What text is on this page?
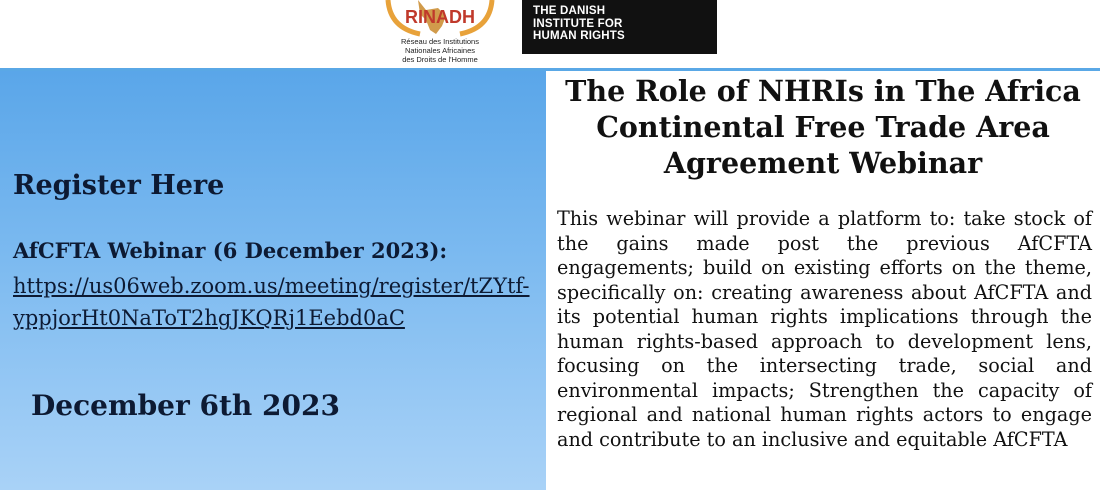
RINADH
Réseau des Institutions
Nationales Africaines
des Droits de l'Homme
THE DANISH
INSTITUTE FOR
HUMAN RIGHTS
Register Here
AfCFTA Webinar (6 December 2023):
https://us06web.zoom.us/meeting/register/tZYtf-yppjorHt0NaToT2hgJKQRj1Eebd0aC
December 6th 2023
The Role of NHRIs in The Africa Continental Free Trade Area Agreement Webinar

This webinar will provide a platform to: take stock of the gains made post the previous AfCFTA engagements; build on existing efforts on the theme, specifically on: creating awareness about AfCFTA and its potential human rights implications through the human rights-based approach to development lens, focusing on the intersecting trade, social and environmental impacts; Strengthen the capacity of regional and national human rights actors to engage and contribute to an inclusive and equitable AfCFTA
